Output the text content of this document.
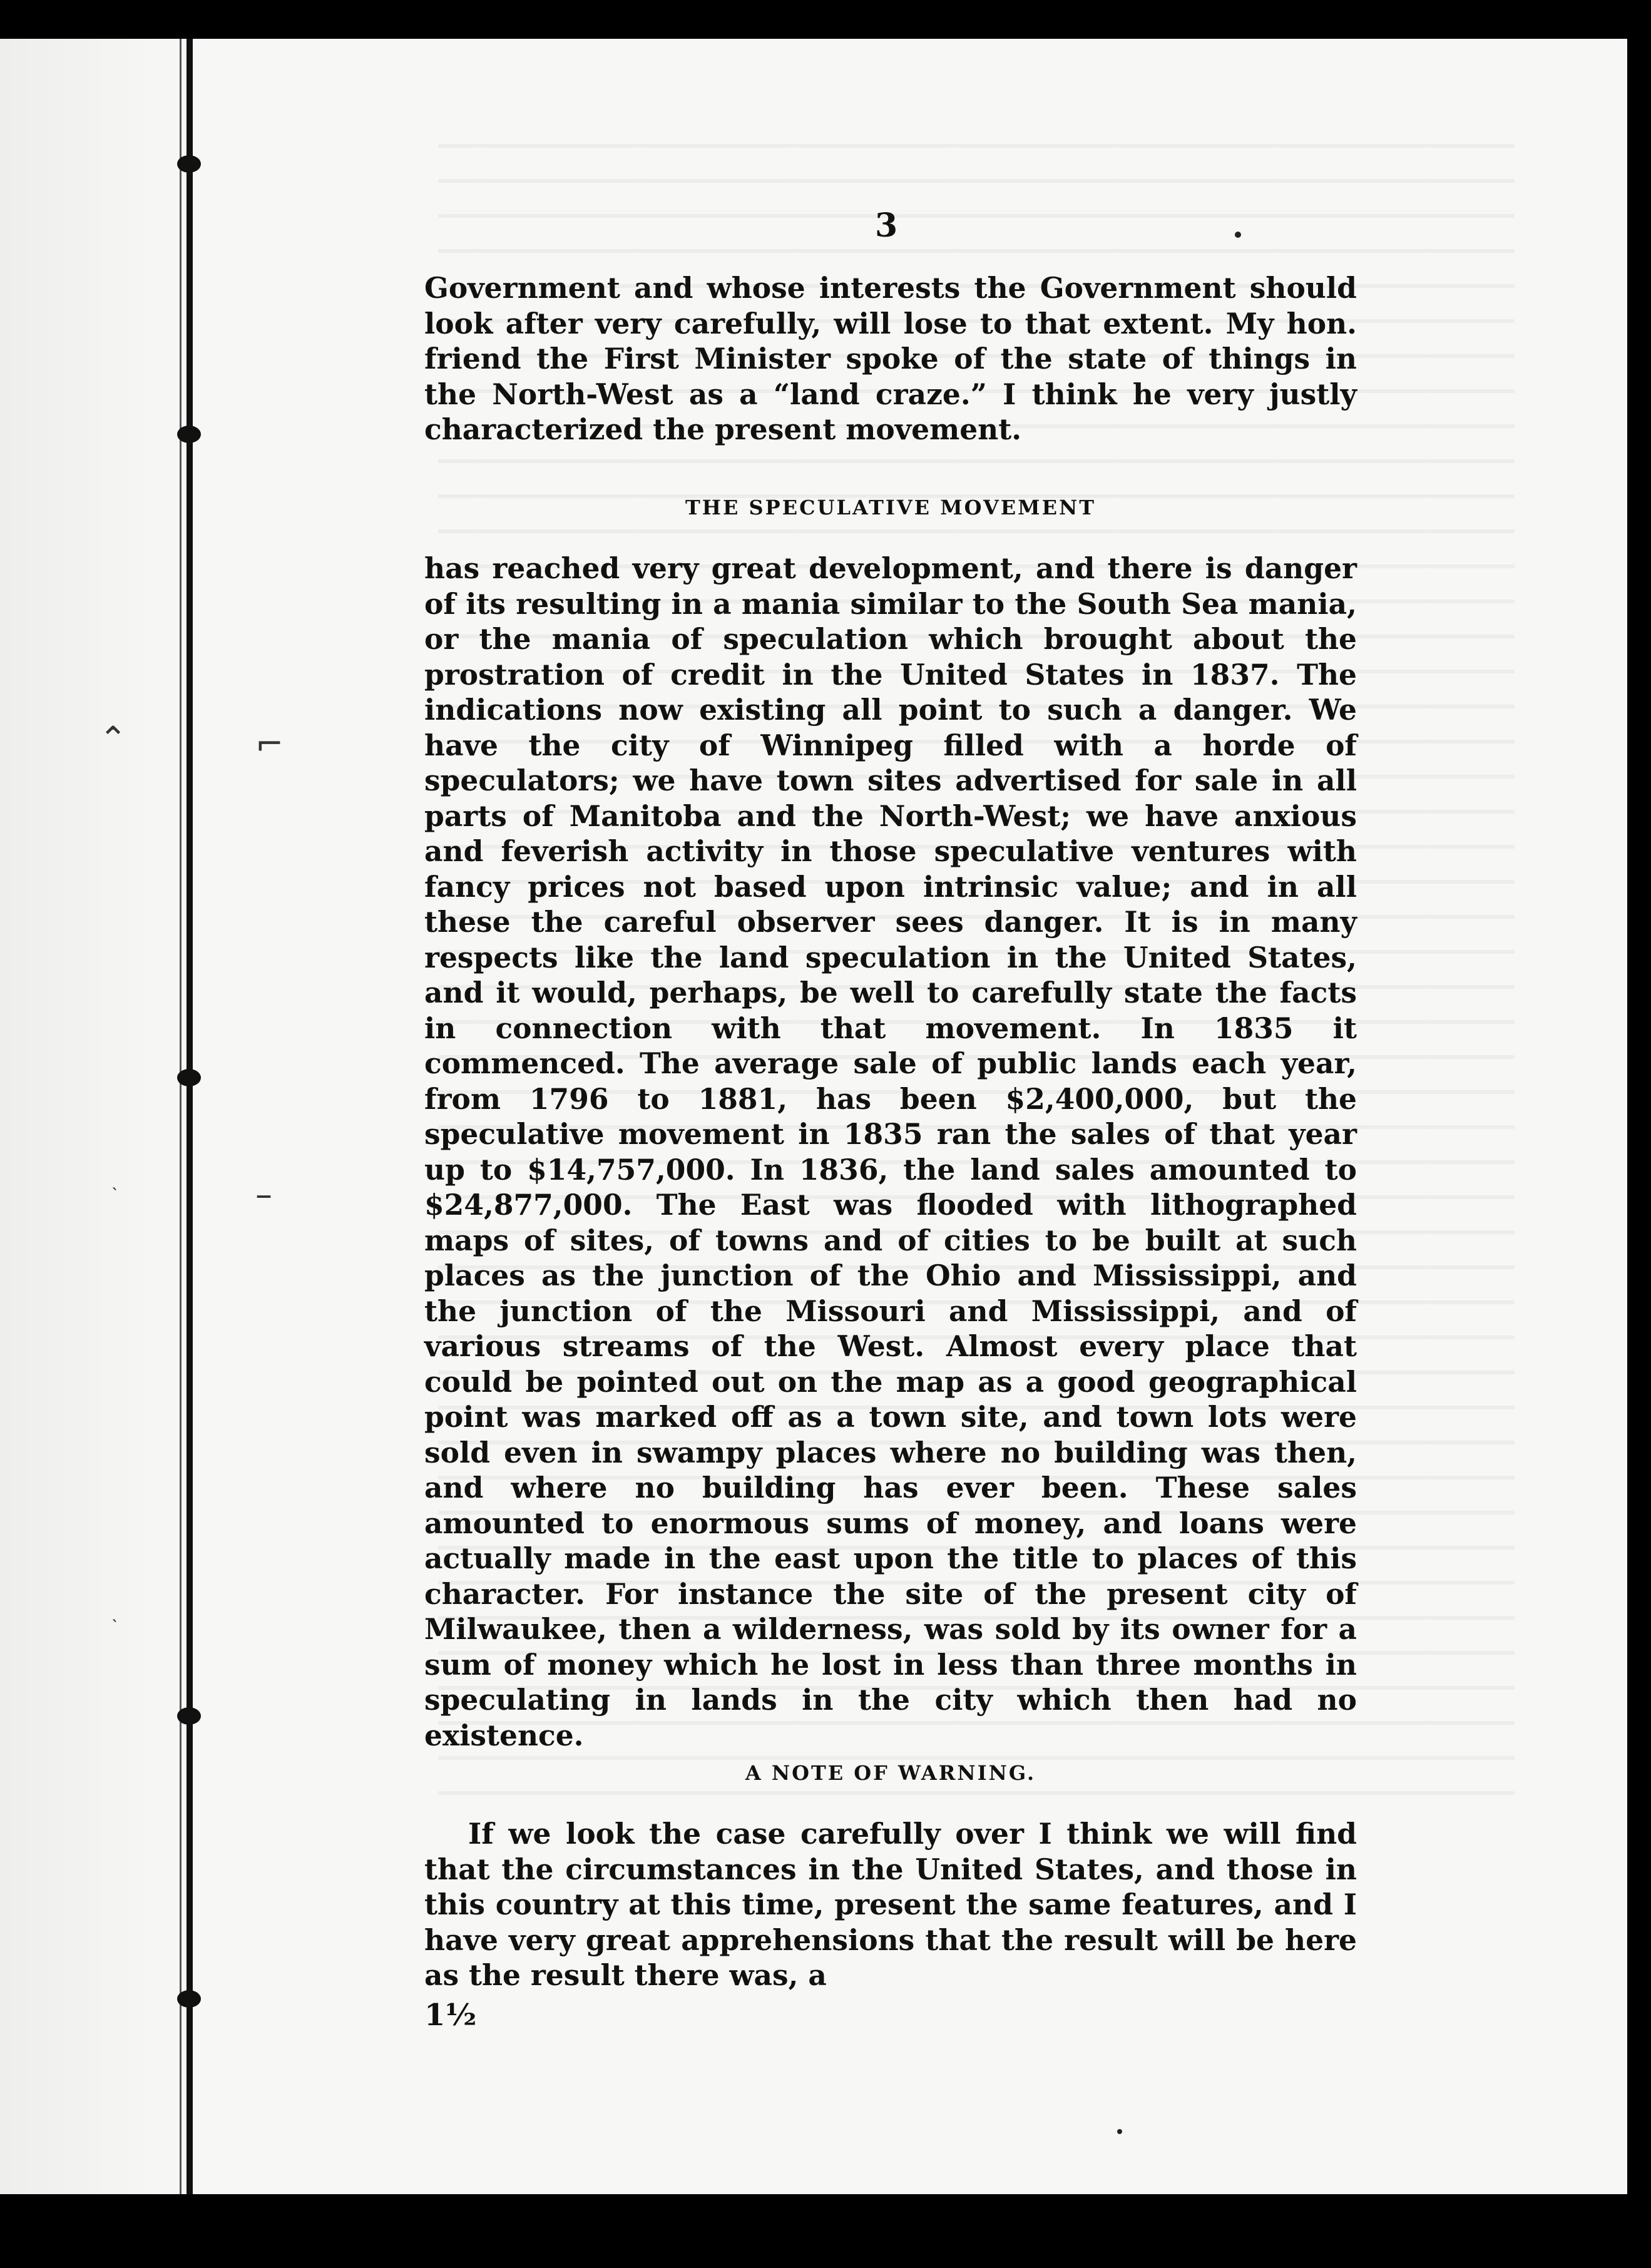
⌃	⌐
–
˴
˴
3

Government and whose interests the Government should look after very carefully, will lose to that extent. My hon. friend the First Minister spoke of the state of things in the North-West as a “land craze.” I think he very justly characterized the present movement.

THE SPECULATIVE MOVEMENT

has reached very great development, and there is danger of its resulting in a mania similar to the South Sea mania, or the mania of speculation which brought about the prostration of credit in the United States in 1837. The indications now existing all point to such a danger. We have the city of Winnipeg filled with a horde of speculators; we have town sites advertised for sale in all parts of Manitoba and the North-West; we have anxious and feverish activity in those speculative ventures with fancy prices not based upon intrinsic value; and in all these the careful observer sees danger. It is in many respects like the land speculation in the United States, and it would, perhaps, be well to carefully state the facts in connection with that movement. In 1835 it commenced. The average sale of public lands each year, from 1796 to 1881, has been $2,400,000, but the speculative movement in 1835 ran the sales of that year up to $14,757,000. In 1836, the land sales amounted to $24,877,000. The East was flooded with lithographed maps of sites, of towns and of cities to be built at such places as the junction of the Ohio and Mississippi, and the junction of the Missouri and Mississippi, and of various streams of the West. Almost every place that could be pointed out on the map as a good geographical point was marked off as a town site, and town lots were sold even in swampy places where no building was then, and where no building has ever been. These sales amounted to enormous sums of money, and loans were actually made in the east upon the title to places of this character. For instance the site of the present city of Milwaukee, then a wilderness, was sold by its owner for a sum of money which he lost in less than three months in speculating in lands in the city which then had no existence.

A NOTE OF WARNING.

If we look the case carefully over I think we will find that the circumstances in the United States, and those in this country at this time, present the same features, and I have very great apprehensions that the result will be here as the result there was, a

1½
